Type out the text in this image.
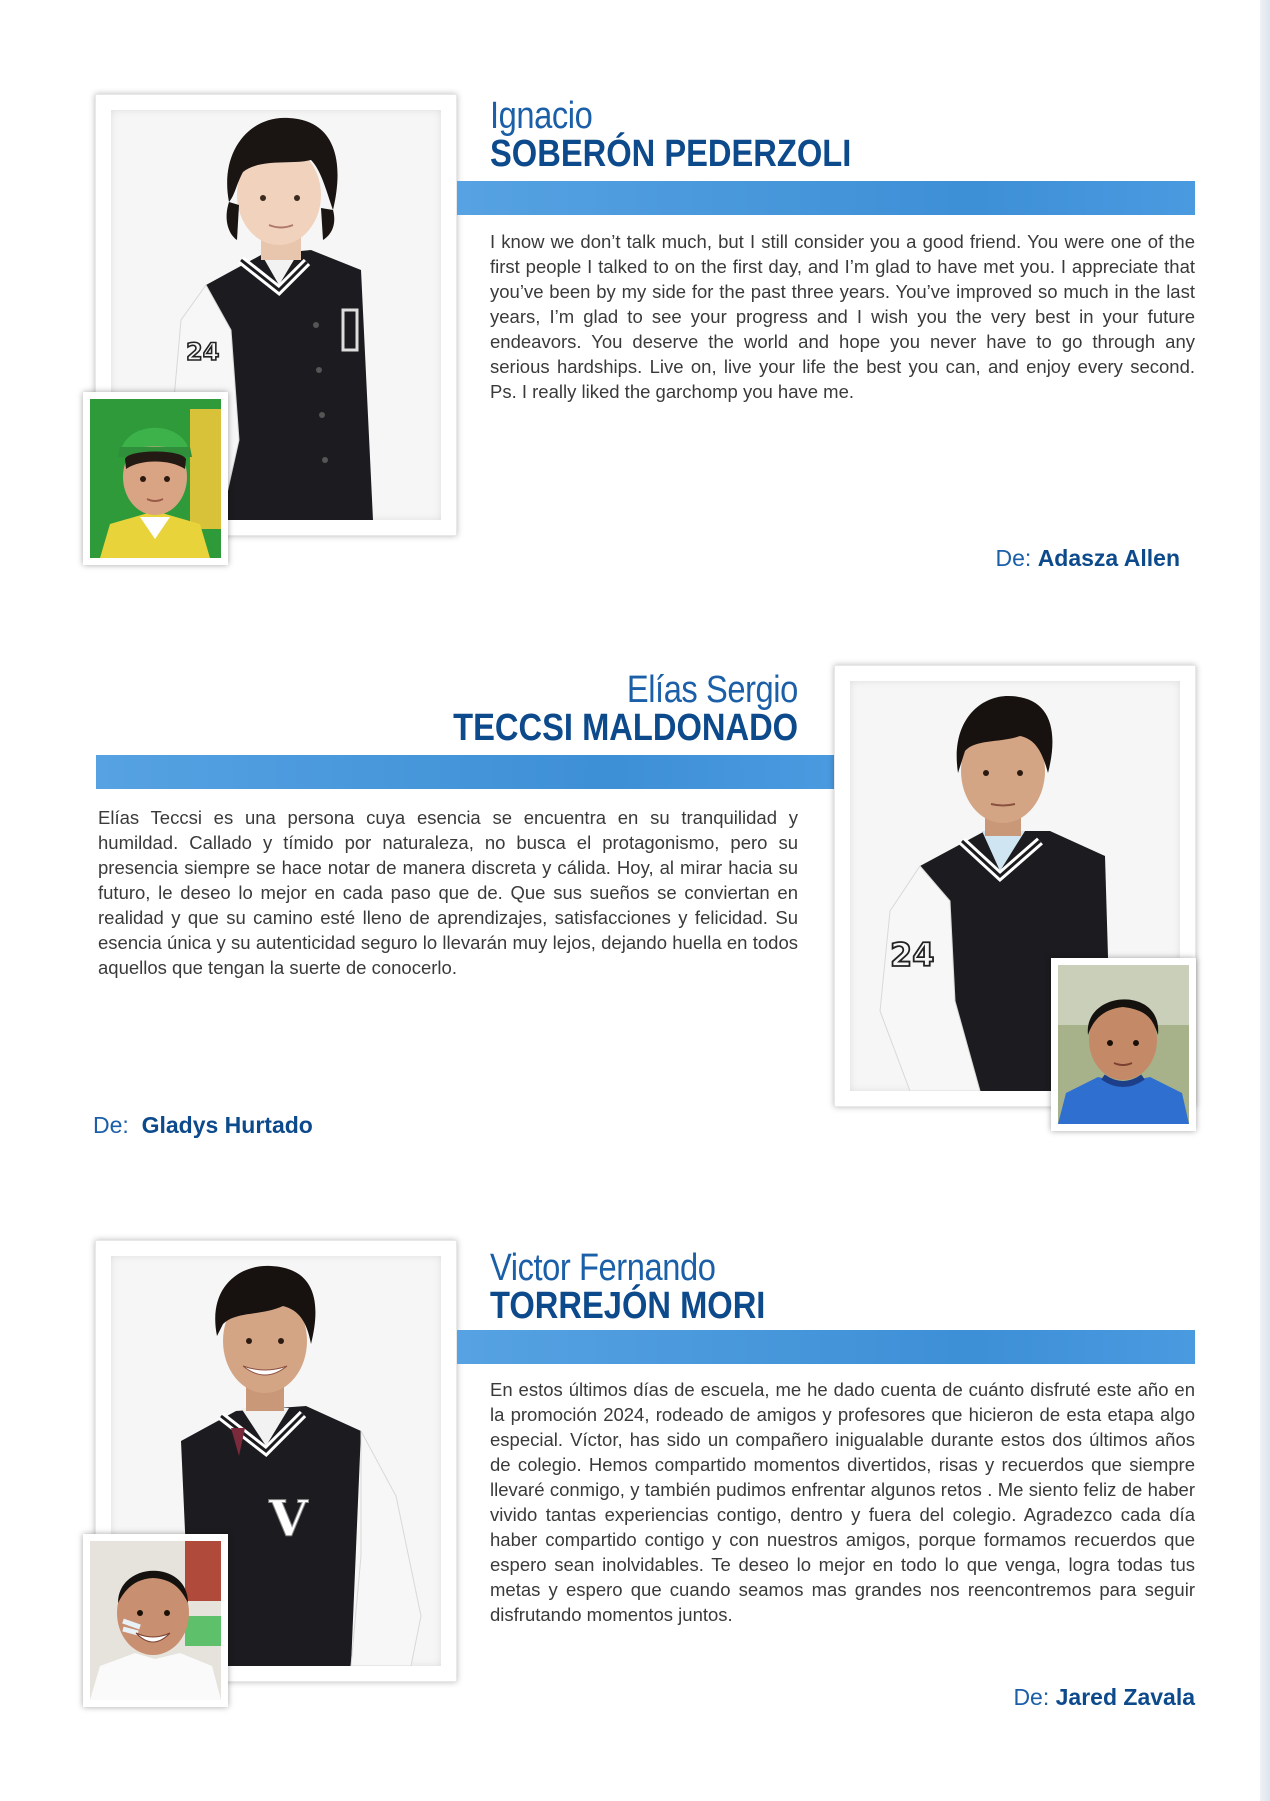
24
Ignacio
SOBERÓN PEDERZOLI
I know we don’t talk much, but I still consider you a good friend. You were one of the first people I talked to on the first day, and I’m glad to have met you. I appreciate that you’ve been by my side for the past three years. You’ve improved so much in the last years, I’m glad to see your progress and I wish you the very best in your future endeavors. You deserve the world and hope you never have to go through any serious hardships. Live on, live your life the best you can, and enjoy every second. Ps. I really liked the garchomp you have me.
De: Adasza Allen
Elías Sergio
TECCSI MALDONADO
Elías Teccsi es una persona cuya esencia se encuentra en su tranquilidad y humildad. Callado y tímido por naturaleza, no busca el protagonismo, pero su presencia siempre se hace notar de manera discreta y cálida. Hoy, al mirar hacia su futuro, le deseo lo mejor en cada paso que de. Que sus sueños se conviertan en realidad y que su camino esté lleno de aprendizajes, satisfacciones y felicidad. Su esencia única y su autenticidad seguro lo llevarán muy lejos, dejando huella en todos aquellos que tengan la suerte de conocerlo.
De: Gladys Hurtado
24
V
Victor Fernando
TORREJÓN MORI
En estos últimos días de escuela, me he dado cuenta de cuánto disfruté este año en la promoción 2024, rodeado de amigos y profesores que hicieron de esta etapa algo especial. Víctor, has sido un compañero inigualable durante estos dos últimos años de colegio. Hemos compartido momentos divertidos, risas y recuerdos que siempre llevaré conmigo, y también pudimos enfrentar algunos retos . Me siento feliz de haber vivido tantas experiencias contigo, dentro y fuera del colegio. Agradezco cada día haber compartido contigo y con nuestros amigos, porque formamos recuerdos que espero sean inolvidables. Te deseo lo mejor en todo lo que venga, logra todas tus metas y espero que cuando seamos mas grandes nos reencontremos para seguir disfrutando momentos juntos.
De: Jared Zavala
